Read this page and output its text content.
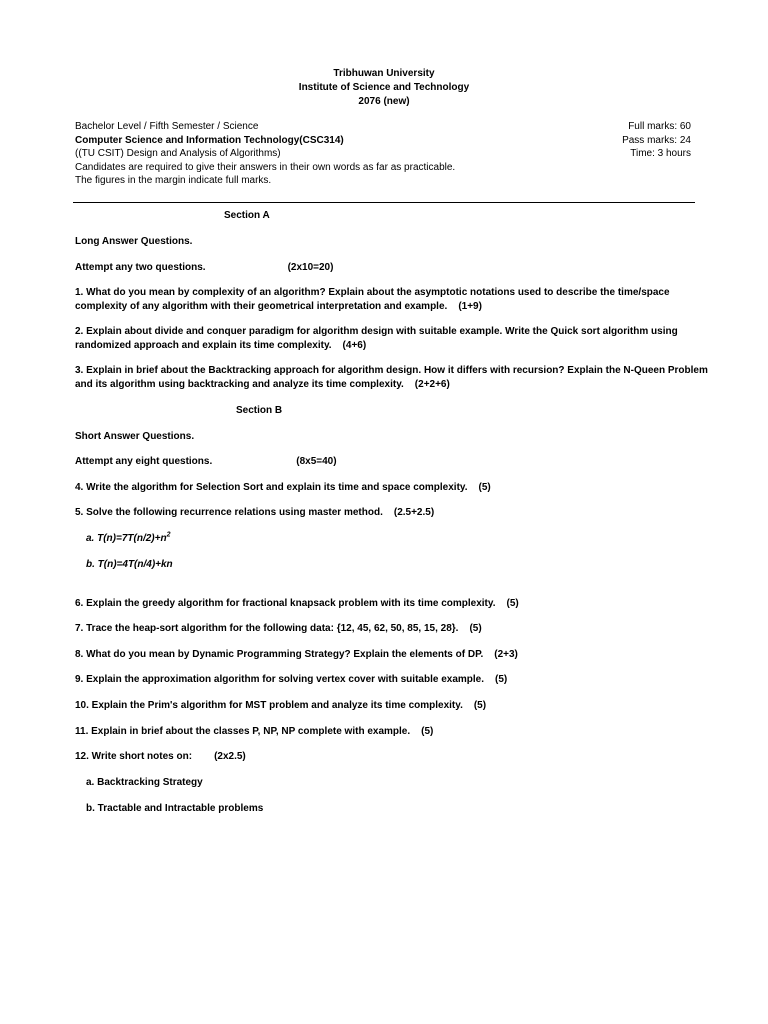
Tribhuwan University
Institute of Science and Technology
2076 (new)
Bachelor Level / Fifth Semester / Science
Computer Science and Information Technology(CSC314)
((TU CSIT) Design and Analysis of Algorithms)
Candidates are required to give their answers in their own words as far as practicable.
The figures in the margin indicate full marks.
Full marks: 60
Pass marks: 24
Time: 3 hours
Section A
Long Answer Questions.
Attempt any two questions.	(2x10=20)
1. What do you mean by complexity of an algorithm? Explain about the asymptotic notations used to describe the time/space
complexity of any algorithm with their geometrical interpretation and example. (1+9)
2. Explain about divide and conquer paradigm for algorithm design with suitable example. Write the Quick sort algorithm using
randomized approach and explain its time complexity. (4+6)
3. Explain in brief about the Backtracking approach for algorithm design. How it differs with recursion? Explain the N-Queen Problem
and its algorithm using backtracking and analyze its time complexity. (2+2+6)
Section B
Short Answer Questions.
Attempt any eight questions.	(8x5=40)
4. Write the algorithm for Selection Sort and explain its time and space complexity. (5)
5. Solve the following recurrence relations using master method. (2.5+2.5)
a. $T(n)=7T(n/2)+n^2$
b. T(n)=4T(n/4)+kn
6. Explain the greedy algorithm for fractional knapsack problem with its time complexity. (5)
7. Trace the heap-sort algorithm for the following data: {12, 45, 62, 50, 85, 15, 28}. (5)
8. What do you mean by Dynamic Programming Strategy? Explain the elements of DP. (2+3)
9. Explain the approximation algorithm for solving vertex cover with suitable example. (5)
10. Explain the Prim's algorithm for MST problem and analyze its time complexity. (5)
11. Explain in brief about the classes P, NP, NP complete with example. (5)
12. Write short notes on: (2x2.5)
a. Backtracking Strategy
b. Tractable and Intractable problems
